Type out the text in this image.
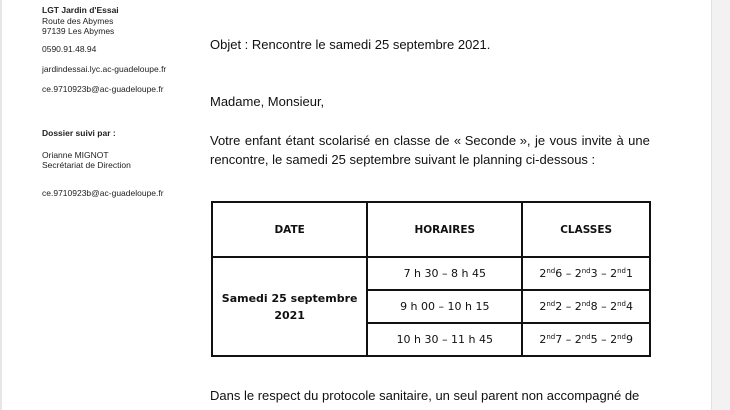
LGT Jardin d'Essai
Route des Abymes
97139 Les Abymes
0590.91.48.94
jardindessai.lyc.ac-guadeloupe.fr
ce.9710923b@ac-guadeloupe.fr
Dossier suivi par :
Orianne MIGNOT
Secrétariat de Direction
ce.9710923b@ac-guadeloupe.fr
Objet : Rencontre le samedi 25 septembre 2021.
Madame, Monsieur,
Votre enfant étant scolarisé en classe de « Seconde », je vous invite à une
rencontre, le samedi 25 septembre suivant le planning ci-dessous :
DATE	HORAIRES	CLASSES

Samedi 25 septembre
2021	7 h 30 – 8 h 45	2nd6 – 2nd3 – 2nd1
	9 h 00 – 10 h 15	2nd2 – 2nd8 – 2nd4
	10 h 30 – 11 h 45	2nd7 – 2nd5 – 2nd9
Dans le respect du protocole sanitaire, un seul parent non accompagné de
